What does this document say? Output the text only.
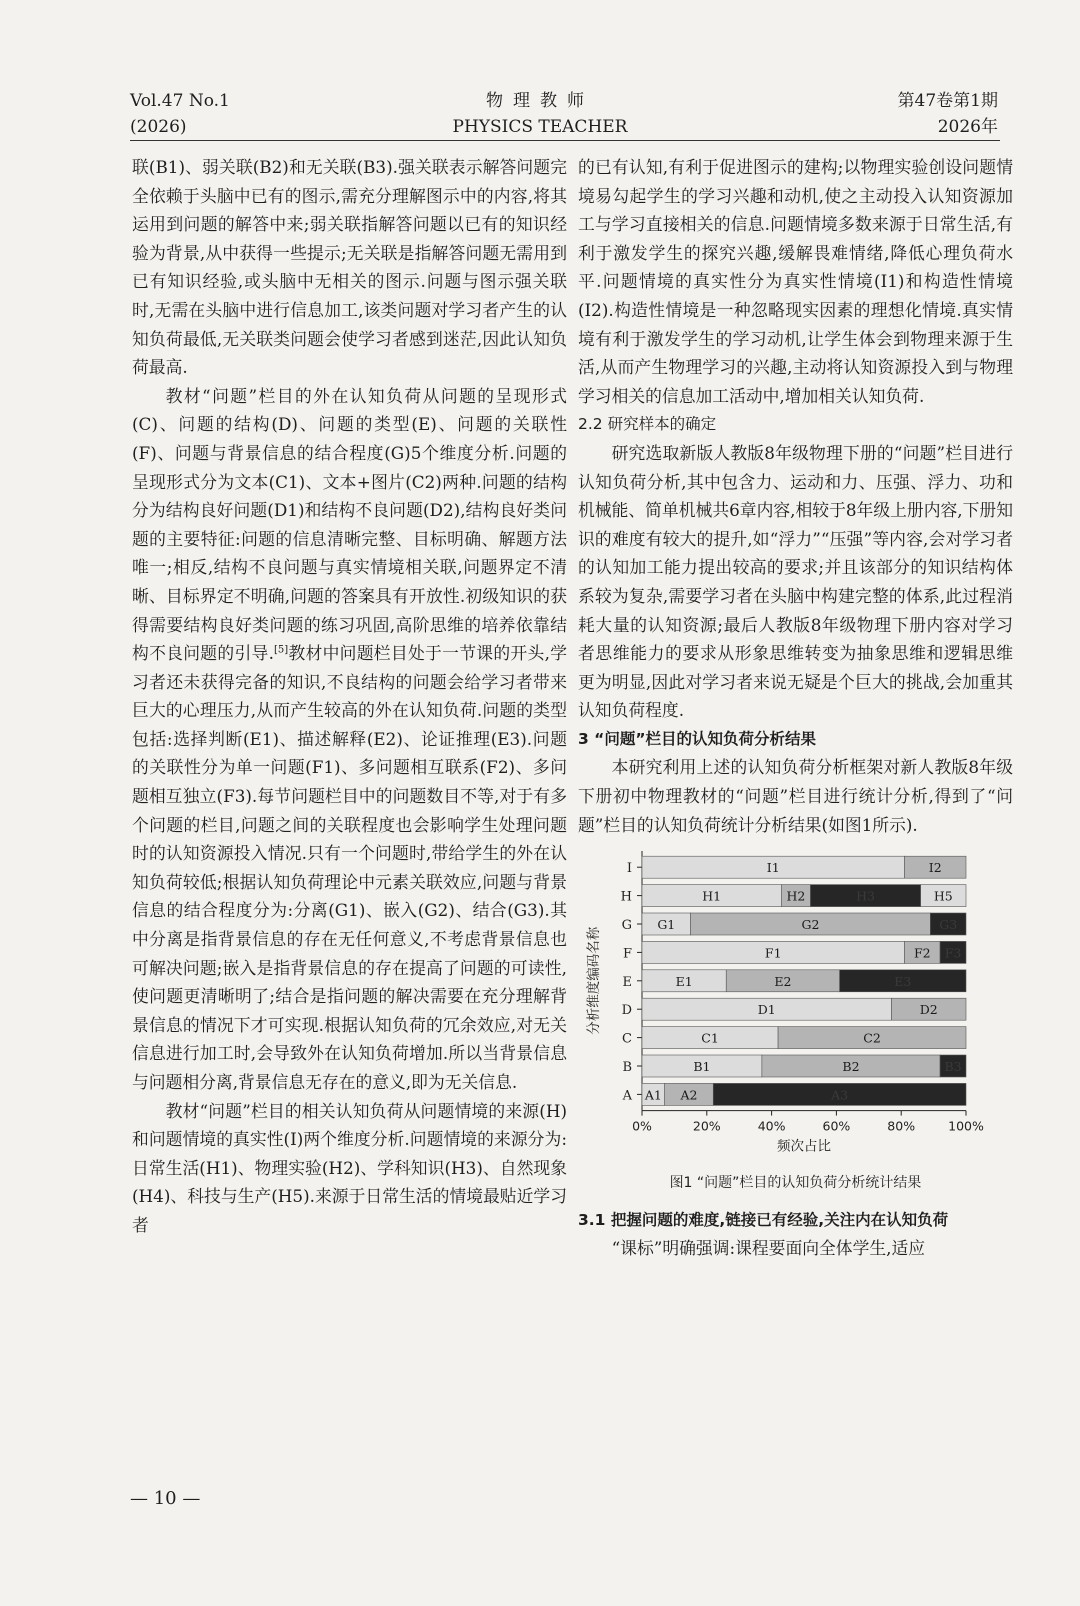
Vol.47 No.1
(2026)
物理教师
PHYSICS TEACHER
第47卷第1期
2026年

联(B1)、弱关联(B2)和无关联(B3).强关联表示解答问题完全依赖于头脑中已有的图示,需充分理解图示中的内容,将其运用到问题的解答中来;弱关联指解答问题以已有的知识经验为背景,从中获得一些提示;无关联是指解答问题无需用到已有知识经验,或头脑中无相关的图示.问题与图示强关联时,无需在头脑中进行信息加工,该类问题对学习者产生的认知负荷最低,无关联类问题会使学习者感到迷茫,因此认知负荷最高.

教材“问题”栏目的外在认知负荷从问题的呈现形式(C)、问题的结构(D)、问题的类型(E)、问题的关联性(F)、问题与背景信息的结合程度(G)5个维度分析.问题的呈现形式分为文本(C1)、文本+图片(C2)两种.问题的结构分为结构良好问题(D1)和结构不良问题(D2),结构良好类问题的主要特征:问题的信息清晰完整、目标明确、解题方法唯一;相反,结构不良问题与真实情境相关联,问题界定不清晰、目标界定不明确,问题的答案具有开放性.初级知识的获得需要结构良好类问题的练习巩固,高阶思维的培养依靠结构不良问题的引导.[5]教材中问题栏目处于一节课的开头,学习者还未获得完备的知识,不良结构的问题会给学习者带来巨大的心理压力,从而产生较高的外在认知负荷.问题的类型包括:选择判断(E1)、描述解释(E2)、论证推理(E3).问题的关联性分为单一问题(F1)、多问题相互联系(F2)、多问题相互独立(F3).每节问题栏目中的问题数目不等,对于有多个问题的栏目,问题之间的关联程度也会影响学生处理问题时的认知资源投入情况.只有一个问题时,带给学生的外在认知负荷较低;根据认知负荷理论中元素关联效应,问题与背景信息的结合程度分为:分离(G1)、嵌入(G2)、结合(G3).其中分离是指背景信息的存在无任何意义,不考虑背景信息也可解决问题;嵌入是指背景信息的存在提高了问题的可读性,使问题更清晰明了;结合是指问题的解决需要在充分理解背景信息的情况下才可实现.根据认知负荷的冗余效应,对无关信息进行加工时,会导致外在认知负荷增加.所以当背景信息与问题相分离,背景信息无存在的意义,即为无关信息.

教材“问题”栏目的相关认知负荷从问题情境的来源(H)和问题情境的真实性(I)两个维度分析.问题情境的来源分为:日常生活(H1)、物理实验(H2)、学科知识(H3)、自然现象(H4)、科技与生产(H5).来源于日常生活的情境最贴近学习者

的已有认知,有利于促进图示的建构;以物理实验创设问题情境易勾起学生的学习兴趣和动机,使之主动投入认知资源加工与学习直接相关的信息.问题情境多数来源于日常生活,有利于激发学生的探究兴趣,缓解畏难情绪,降低心理负荷水平.问题情境的真实性分为真实性情境(I1)和构造性情境(I2).构造性情境是一种忽略现实因素的理想化情境.真实情境有利于激发学生的学习动机,让学生体会到物理来源于生活,从而产生物理学习的兴趣,主动将认知资源投入到与物理学习相关的信息加工活动中,增加相关认知负荷.

2.2 研究样本的确定

研究选取新版人教版8年级物理下册的“问题”栏目进行认知负荷分析,其中包含力、运动和力、压强、浮力、功和机械能、简单机械共6章内容,相较于8年级上册内容,下册知识的难度有较大的提升,如“浮力”“压强”等内容,会对学习者的认知加工能力提出较高的要求;并且该部分的知识结构体系较为复杂,需要学习者在头脑中构建完整的体系,此过程消耗大量的认知资源;最后人教版8年级物理下册内容对学习者思维能力的要求从形象思维转变为抽象思维和逻辑思维更为明显,因此对学习者来说无疑是个巨大的挑战,会加重其认知负荷程度.

3 “问题”栏目的认知负荷分析结果

本研究利用上述的认知负荷分析框架对新人教版8年级下册初中物理教材的“问题”栏目进行统计分析,得到了“问题”栏目的认知负荷统计分析结果(如图1所示).

I	I1	I2
H	H1	H2	H3	H5
G G1	G2	G3
F	F1	F2 F3
E	E1	E2	E3
D	D1	D2
C	C1	C2
B	B1	B2	B3
A A1 A2	A3
0%	20%	40%	60%	80%	100%
频次占比
分析维度编码名称

图1 “问题”栏目的认知负荷分析统计结果

3.1 把握问题的难度,链接已有经验,关注内在认知负荷

“课标”明确强调:课程要面向全体学生,适应

— 10 —
